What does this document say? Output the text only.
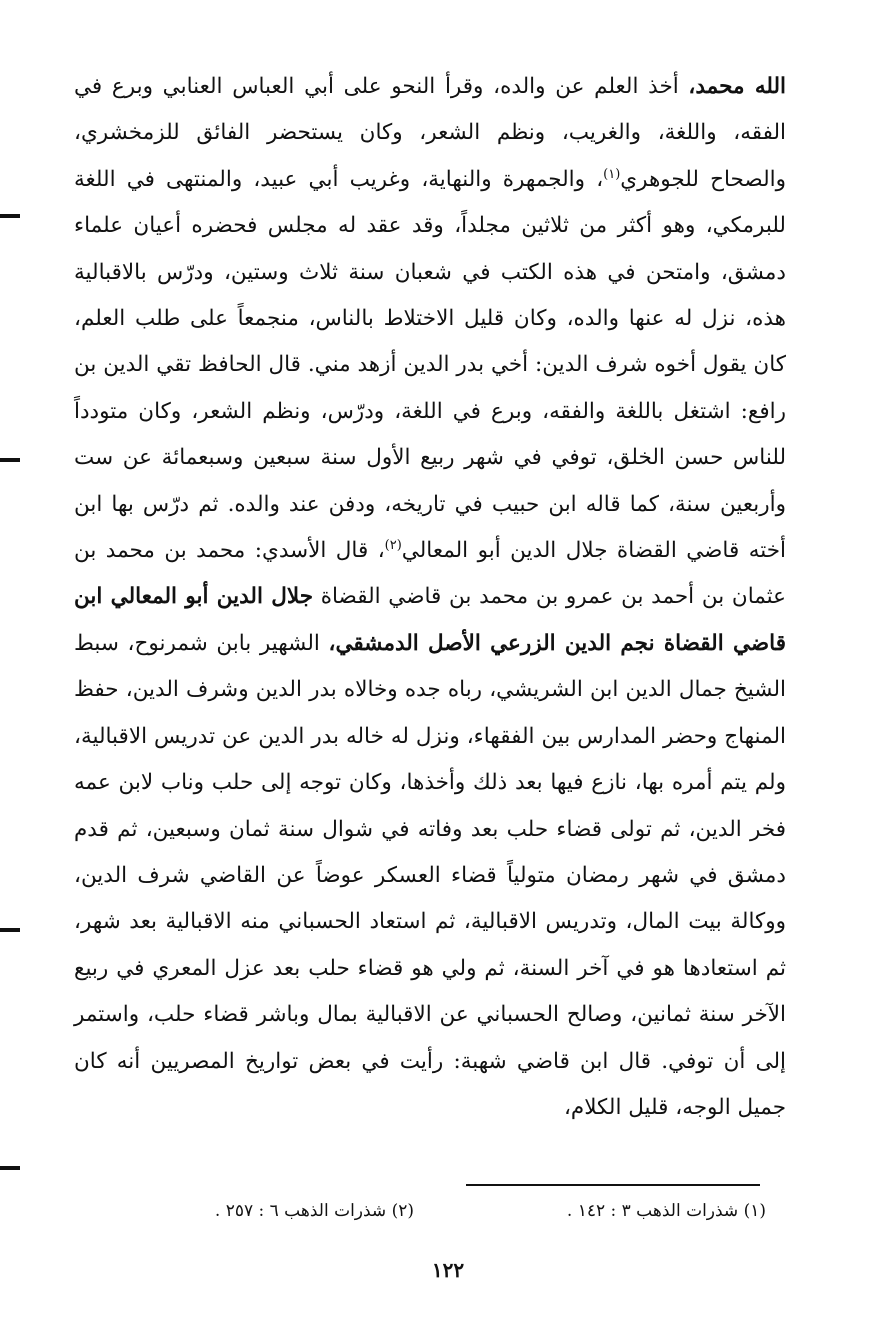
الله محمد، أخذ العلم عن والده، وقرأ النحو على أبي العباس العنابي وبرع في الفقه، واللغة، والغريب، ونظم الشعر، وكان يستحضر الفائق للزمخشري، والصحاح للجوهري$^{(١)}$، والجمهرة والنهاية، وغريب أبي عبيد، والمنتهى في اللغة للبرمكي، وهو أكثر من ثلاثين مجلداً، وقد عقد له مجلس فحضره أعيان علماء دمشق، وامتحن في هذه الكتب في شعبان سنة ثلاث وستين، ودرّس بالاقبالية هذه، نزل له عنها والده، وكان قليل الاختلاط بالناس، منجمعاً على طلب العلم، كان يقول أخوه شرف الدين: أخي بدر الدين أزهد مني. قال الحافظ تقي الدين بن رافع: اشتغل باللغة والفقه، وبرع في اللغة، ودرّس، ونظم الشعر، وكان متودداً للناس حسن الخلق، توفي في شهر ربيع الأول سنة سبعين وسبعمائة عن ست وأربعين سنة، كما قاله ابن حبيب في تاريخه، ودفن عند والده. ثم درّس بها ابن أخته قاضي القضاة جلال الدين أبو المعالي$^{(٢)}$، قال الأسدي: محمد بن محمد بن عثمان بن أحمد بن عمرو بن محمد بن قاضي القضاة جلال الدين أبو المعالي ابن قاضي القضاة نجم الدين الزرعي الأصل الدمشقي، الشهير بابن شمرنوح، سبط الشيخ جمال الدين ابن الشريشي، رباه جده وخالاه بدر الدين وشرف الدين، حفظ المنهاج وحضر المدارس بين الفقهاء، ونزل له خاله بدر الدين عن تدريس الاقبالية، ولم يتم أمره بها، نازع فيها بعد ذلك وأخذها، وكان توجه إلى حلب وناب لابن عمه فخر الدين، ثم تولى قضاء حلب بعد وفاته في شوال سنة ثمان وسبعين، ثم قدم دمشق في شهر رمضان متولياً قضاء العسكر عوضاً عن القاضي شرف الدين، ووكالة بيت المال، وتدريس الاقبالية، ثم استعاد الحسباني منه الاقبالية بعد شهر، ثم استعادها هو في آخر السنة، ثم ولي هو قضاء حلب بعد عزل المعري في ربيع الآخر سنة ثمانين، وصالح الحسباني عن الاقبالية بمال وباشر قضاء حلب، واستمر إلى أن توفي. قال ابن قاضي شهبة: رأيت في بعض تواريخ المصريين أنه كان جميل الوجه، قليل الكلام،

(١) شذرات الذهب ٣ : ١٤٢ .
(٢) شذرات الذهب ٦ : ٢٥٧ .
١٢٢
